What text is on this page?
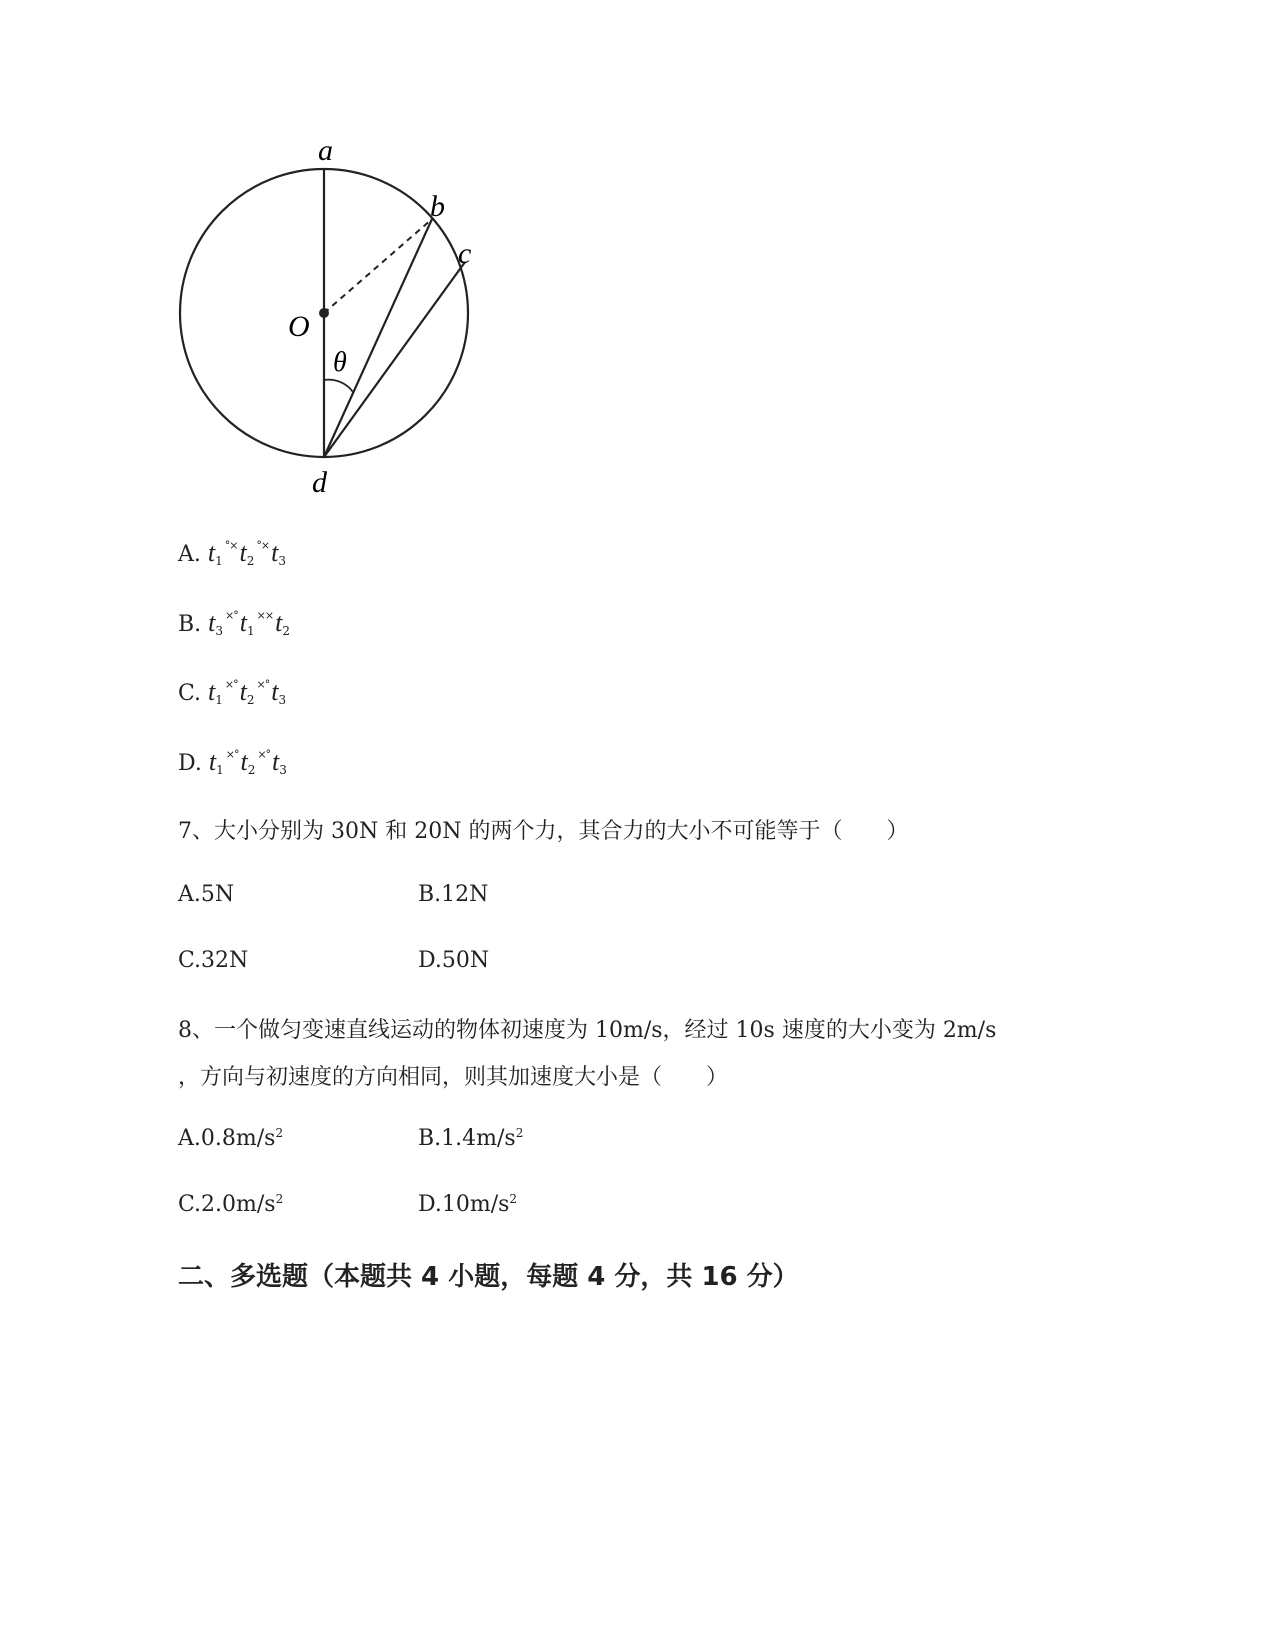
a
b
c
d
O
θ
A. $t_1^{^\circ\times}t_2^{^\circ\times}t_3$
B. $t_3^{\times^\circ}t_1^{\times\times}t_2$
C. $t_1^{\times^\circ}t_2^{\times^\circ}t_3$
D. $t_1^{\times^\circ}t_2^{\times^\circ}t_3$
7、大小分别为 30N 和 20N 的两个力，其合力的大小不可能等于（　　）
A.5N	B.12N
C.32N	D.50N
8、一个做匀变速直线运动的物体初速度为 10m/s，经过 10s 速度的大小变为 2m/s
，方向与初速度的方向相同，则其加速度大小是（　　）
$A.0.8m/s^2$	$B.1.4m/s^2$
$C.2.0m/s^2$	$D.10m/s^2$
二、多选题（本题共 4 小题，每题 4 分，共 16 分）
